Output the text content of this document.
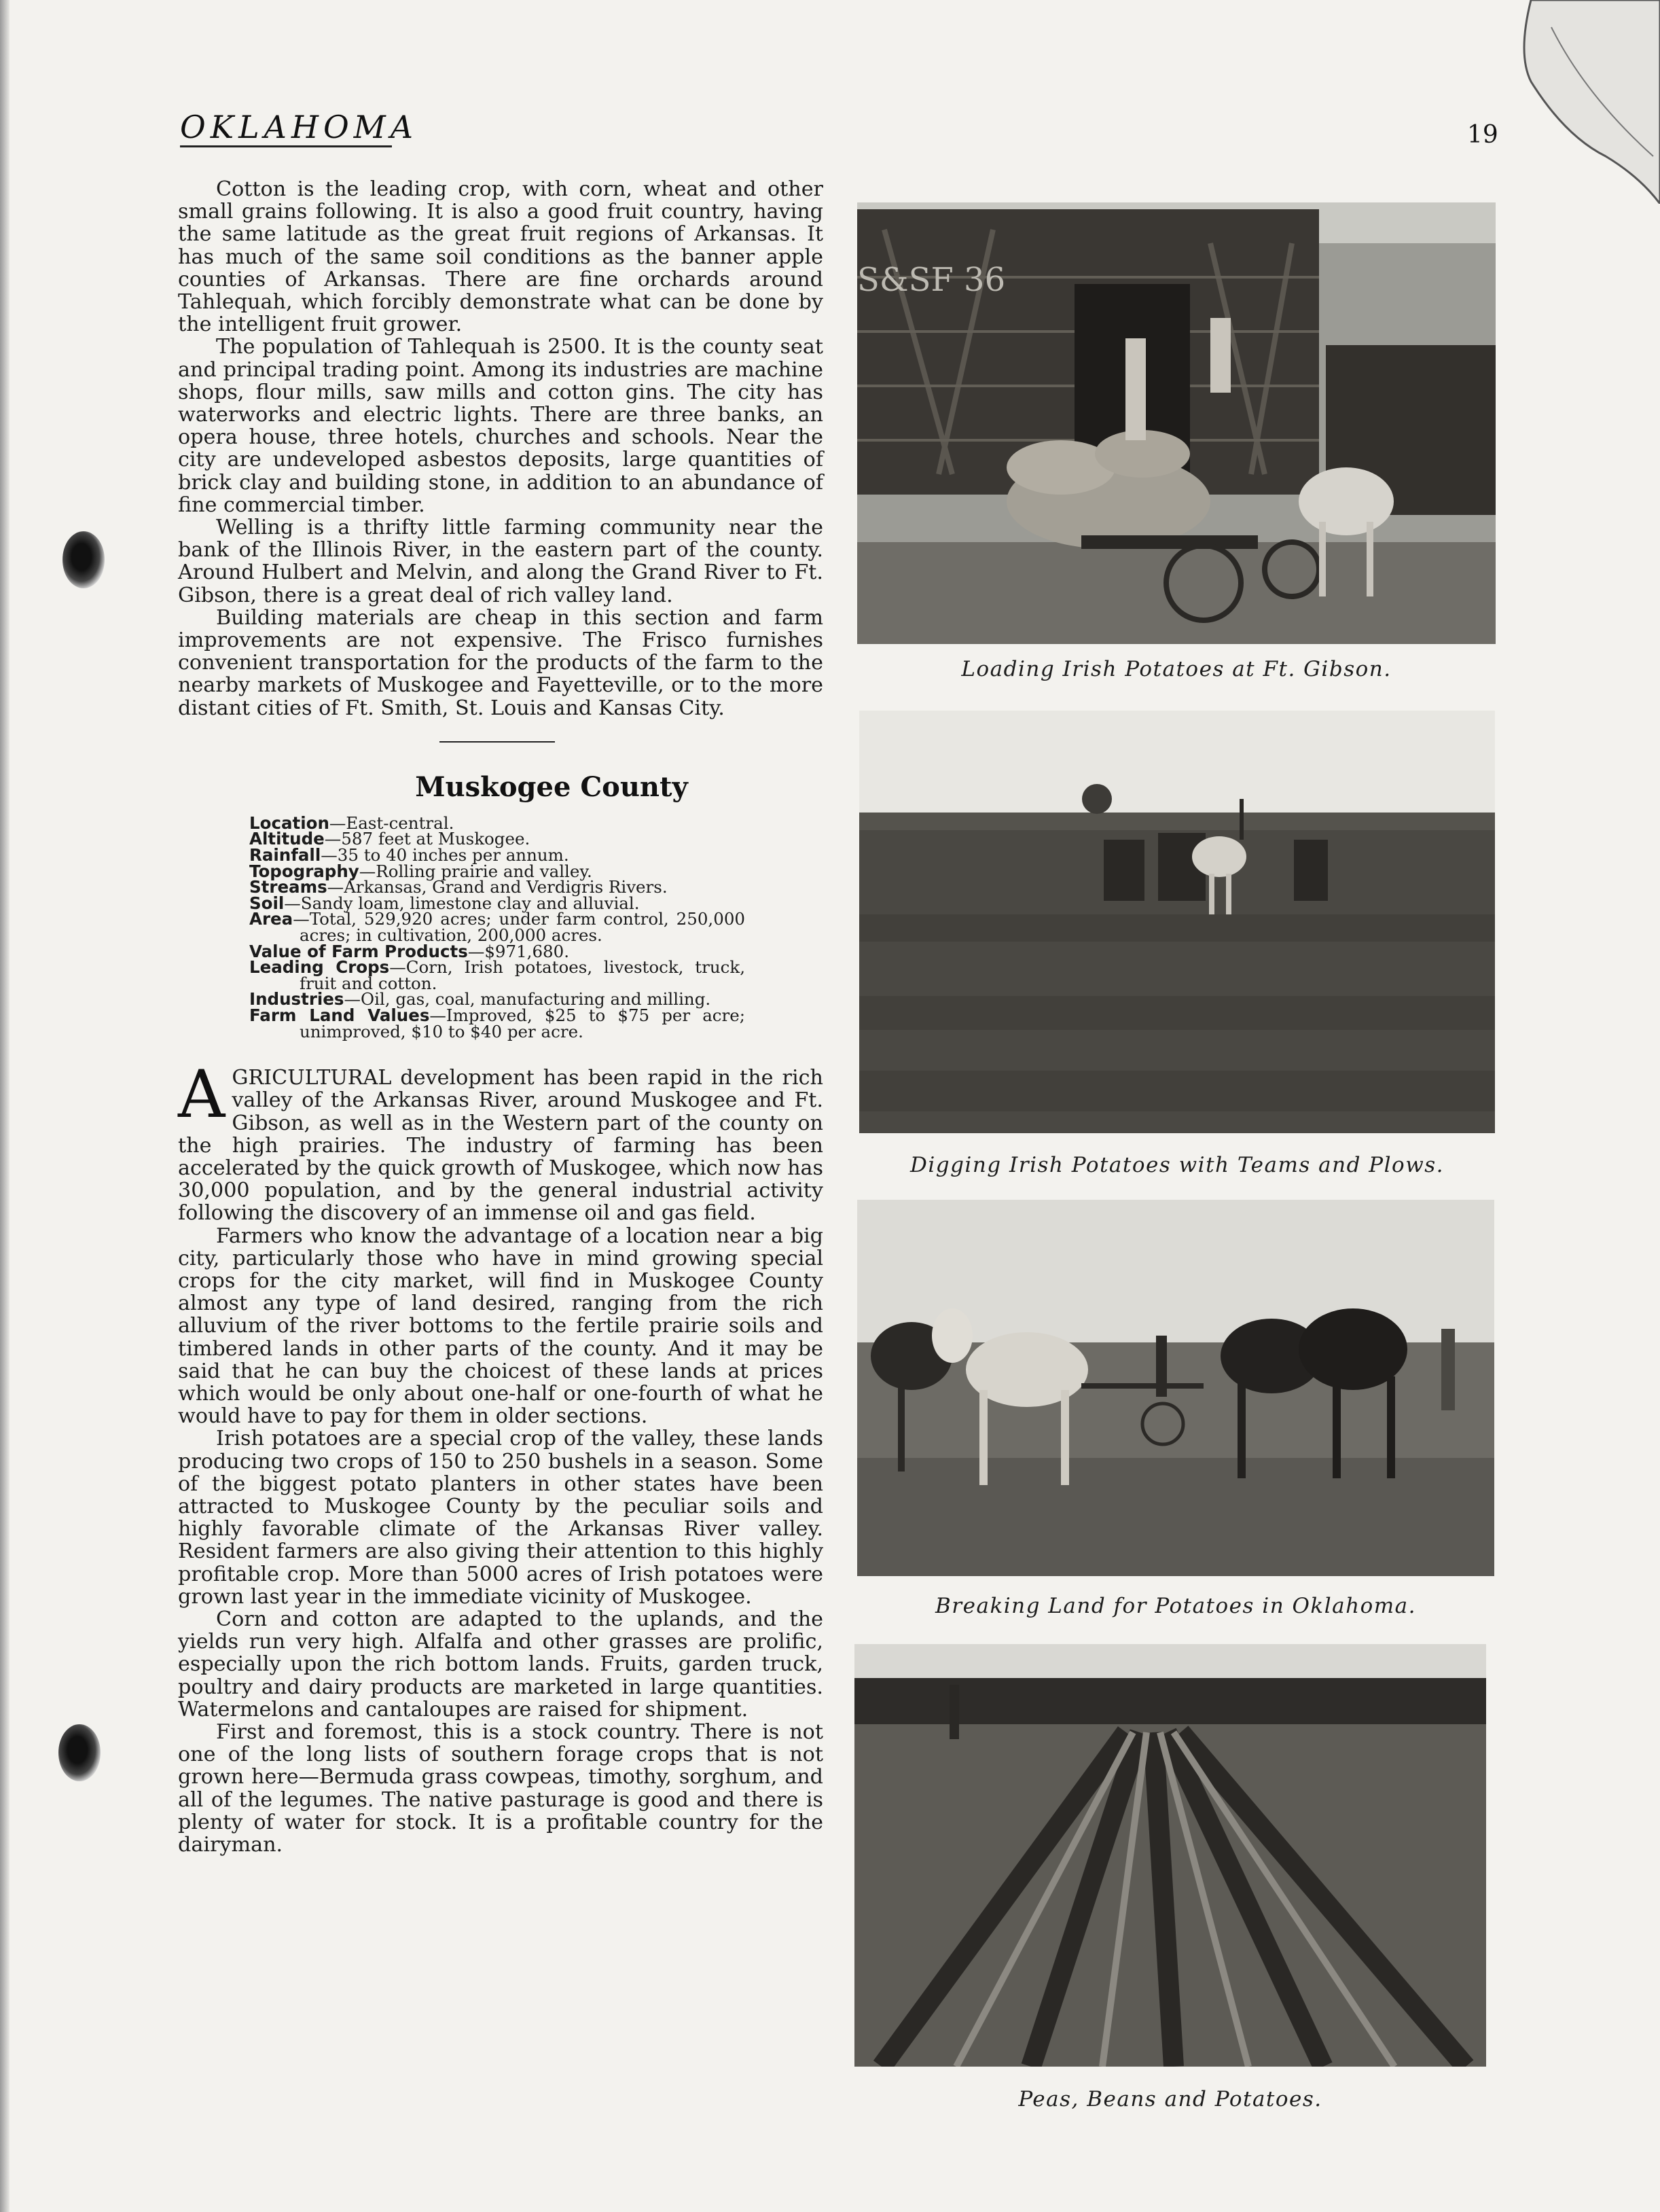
OKLAHOMA	19

Cotton is the leading crop, with corn, wheat and other small grains following. It is also a good fruit country, having the same latitude as the great fruit regions of Arkansas. It has much of the same soil conditions as the banner apple counties of Arkansas. There are fine orchards around Tahlequah, which forcibly demonstrate what can be done by the intelligent fruit grower.

The population of Tahlequah is 2500. It is the county seat and principal trading point. Among its industries are machine shops, flour mills, saw mills and cotton gins. The city has waterworks and electric lights. There are three banks, an opera house, three hotels, churches and schools. Near the city are undeveloped asbestos deposits, large quantities of brick clay and building stone, in addition to an abundance of fine commercial timber.

Welling is a thrifty little farming community near the bank of the Illinois River, in the eastern part of the county. Around Hulbert and Melvin, and along the Grand River to Ft. Gibson, there is a great deal of rich valley land.

Building materials are cheap in this section and farm improvements are not expensive. The Frisco furnishes convenient transportation for the products of the farm to the nearby markets of Muskogee and Fayetteville, or to the more distant cities of Ft. Smith, St. Louis and Kansas City.

Muskogee County
Location—East-central.
Altitude—587 feet at Muskogee.
Rainfall—35 to 40 inches per annum.
Topography—Rolling prairie and valley.
Streams—Arkansas, Grand and Verdigris Rivers.
Soil—Sandy loam, limestone clay and alluvial.
Area—Total, 529,920 acres; under farm control, 250,000 acres; in cultivation, 200,000 acres.
Value of Farm Products—$971,680.
Leading Crops—Corn, Irish potatoes, livestock, truck, fruit and cotton.
Industries—Oil, gas, coal, manufacturing and milling.
Farm Land Values—Improved, $25 to $75 per acre; unimproved, $10 to $40 per acre.
A GRICULTURAL development has been rapid in the rich valley of the Arkansas River, around Muskogee and Ft. Gibson, as well as in the Western part of the county on the high prairies. The industry of farming has been accelerated by the quick growth of Muskogee, which now has 30,000 population, and by the general industrial activity following the discovery of an immense oil and gas field.

Farmers who know the advantage of a location near a big city, particularly those who have in mind growing special crops for the city market, will find in Muskogee County almost any type of land desired, ranging from the rich alluvium of the river bottoms to the fertile prairie soils and timbered lands in other parts of the county. And it may be said that he can buy the choicest of these lands at prices which would be only about one-half or one-fourth of what he would have to pay for them in older sections.

Irish potatoes are a special crop of the valley, these lands producing two crops of 150 to 250 bushels in a season. Some of the biggest potato planters in other states have been attracted to Muskogee County by the peculiar soils and highly favorable climate of the Arkansas River valley. Resident farmers are also giving their attention to this highly profitable crop. More than 5000 acres of Irish potatoes were grown last year in the immediate vicinity of Muskogee.

Corn and cotton are adapted to the uplands, and the yields run very high. Alfalfa and other grasses are prolific, especially upon the rich bottom lands. Fruits, garden truck, poultry and dairy products are marketed in large quantities. Watermelons and cantaloupes are raised for shipment.

First and foremost, this is a stock country. There is not one of the long lists of southern forage crops that is not grown here—Bermuda grass cowpeas, timothy, sorghum, and all of the legumes. The native pasturage is good and there is plenty of water for stock. It is a profitable country for the dairyman.

S&SF 36
Loading Irish Potatoes at Ft. Gibson.
Digging Irish Potatoes with Teams and Plows.
Breaking Land for Potatoes in Oklahoma.
Peas, Beans and Potatoes.
